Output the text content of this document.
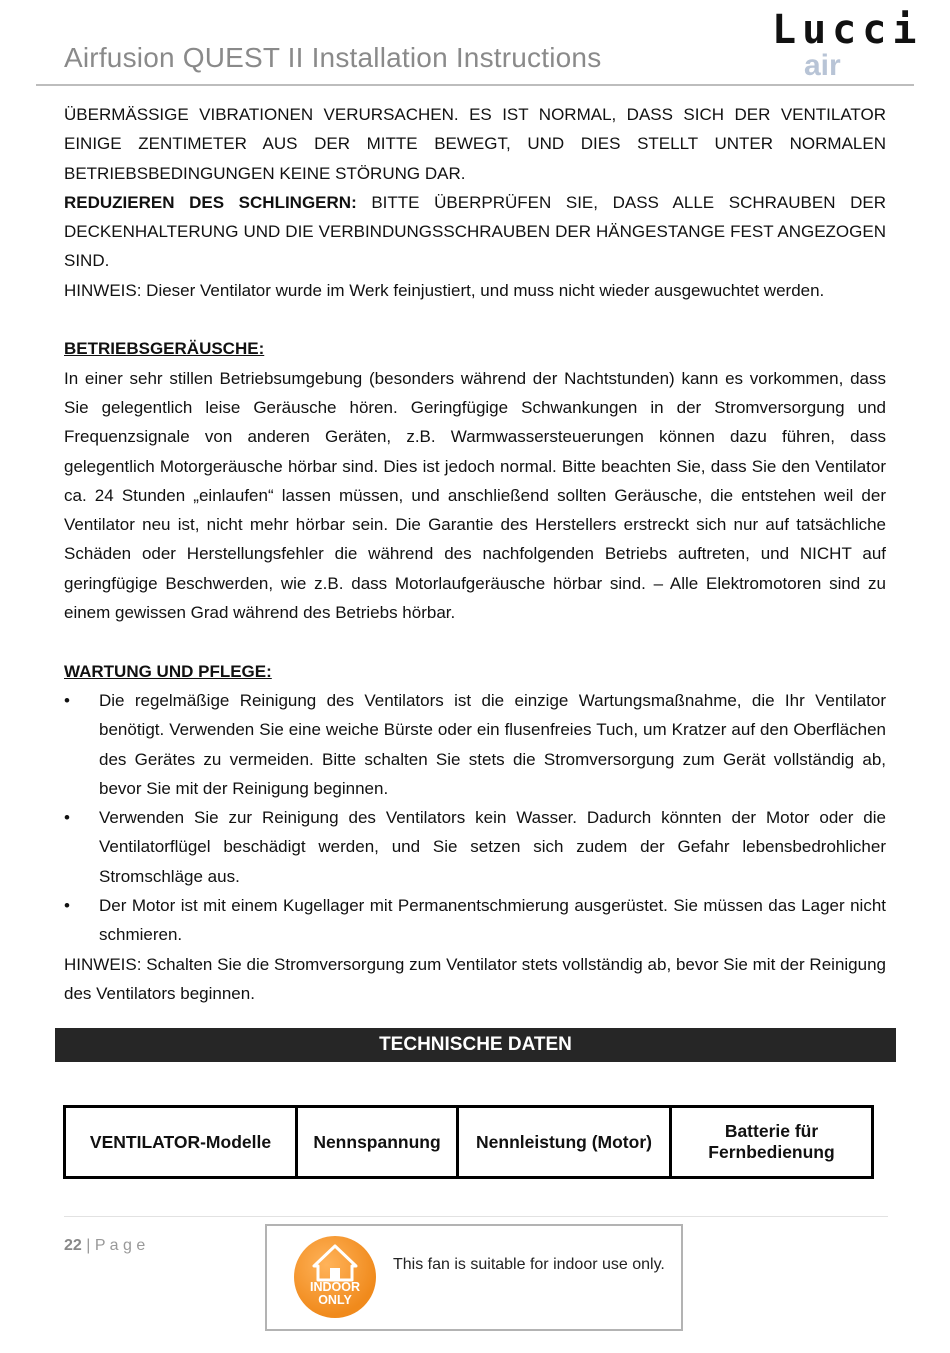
Airfusion QUEST II Installation Instructions
Lucci
air

ÜBERMÄSSIGE VIBRATIONEN VERURSACHEN. ES IST NORMAL, DASS SICH DER VENTILATOR EINIGE ZENTIMETER AUS DER MITTE BEWEGT, UND DIES STELLT UNTER NORMALEN BETRIEBSBEDINGUNGEN KEINE STÖRUNG DAR.

REDUZIEREN DES SCHLINGERN: BITTE ÜBERPRÜFEN SIE, DASS ALLE SCHRAUBEN DER DECKENHALTERUNG UND DIE VERBINDUNGSSCHRAUBEN DER HÄNGESTANGE FEST ANGEZOGEN SIND.

HINWEIS: Dieser Ventilator wurde im Werk feinjustiert, und muss nicht wieder ausgewuchtet werden.

BETRIEBSGERÄUSCHE:

In einer sehr stillen Betriebsumgebung (besonders während der Nachtstunden) kann es vorkommen, dass Sie gelegentlich leise Geräusche hören. Geringfügige Schwankungen in der Stromversorgung und Frequenzsignale von anderen Geräten, z.B. Warmwassersteuerungen können dazu führen, dass gelegentlich Motorgeräusche hörbar sind. Dies ist jedoch normal. Bitte beachten Sie, dass Sie den Ventilator ca. 24 Stunden „einlaufen“ lassen müssen, und anschließend sollten Geräusche, die entstehen weil der Ventilator neu ist, nicht mehr hörbar sein. Die Garantie des Herstellers erstreckt sich nur auf tatsächliche Schäden oder Herstellungsfehler die während des nachfolgenden Betriebs auftreten, und NICHT auf geringfügige Beschwerden, wie z.B. dass Motorlaufgeräusche hörbar sind. – Alle Elektromotoren sind zu einem gewissen Grad während des Betriebs hörbar.

WARTUNG UND PFLEGE:

• Die regelmäßige Reinigung des Ventilators ist die einzige Wartungsmaßnahme, die Ihr Ventilator benötigt. Verwenden Sie eine weiche Bürste oder ein flusenfreies Tuch, um Kratzer auf den Oberflächen des Gerätes zu vermeiden. Bitte schalten Sie stets die Stromversorgung zum Gerät vollständig ab, bevor Sie mit der Reinigung beginnen.
• Verwenden Sie zur Reinigung des Ventilators kein Wasser. Dadurch könnten der Motor oder die Ventilatorflügel beschädigt werden, und Sie setzen sich zudem der Gefahr lebensbedrohlicher Stromschläge aus.
• Der Motor ist mit einem Kugellager mit Permanentschmierung ausgerüstet. Sie müssen das Lager nicht schmieren.

HINWEIS: Schalten Sie die Stromversorgung zum Ventilator stets vollständig ab, bevor Sie mit der Reinigung des Ventilators beginnen.

TECHNISCHE DATEN
VENTILATOR-Modelle	Nennspannung	Nennleistung (Motor)	Batterie für Fernbedienung
22 | P a g e
INDOOR
ONLY
This fan is suitable for indoor use only.
